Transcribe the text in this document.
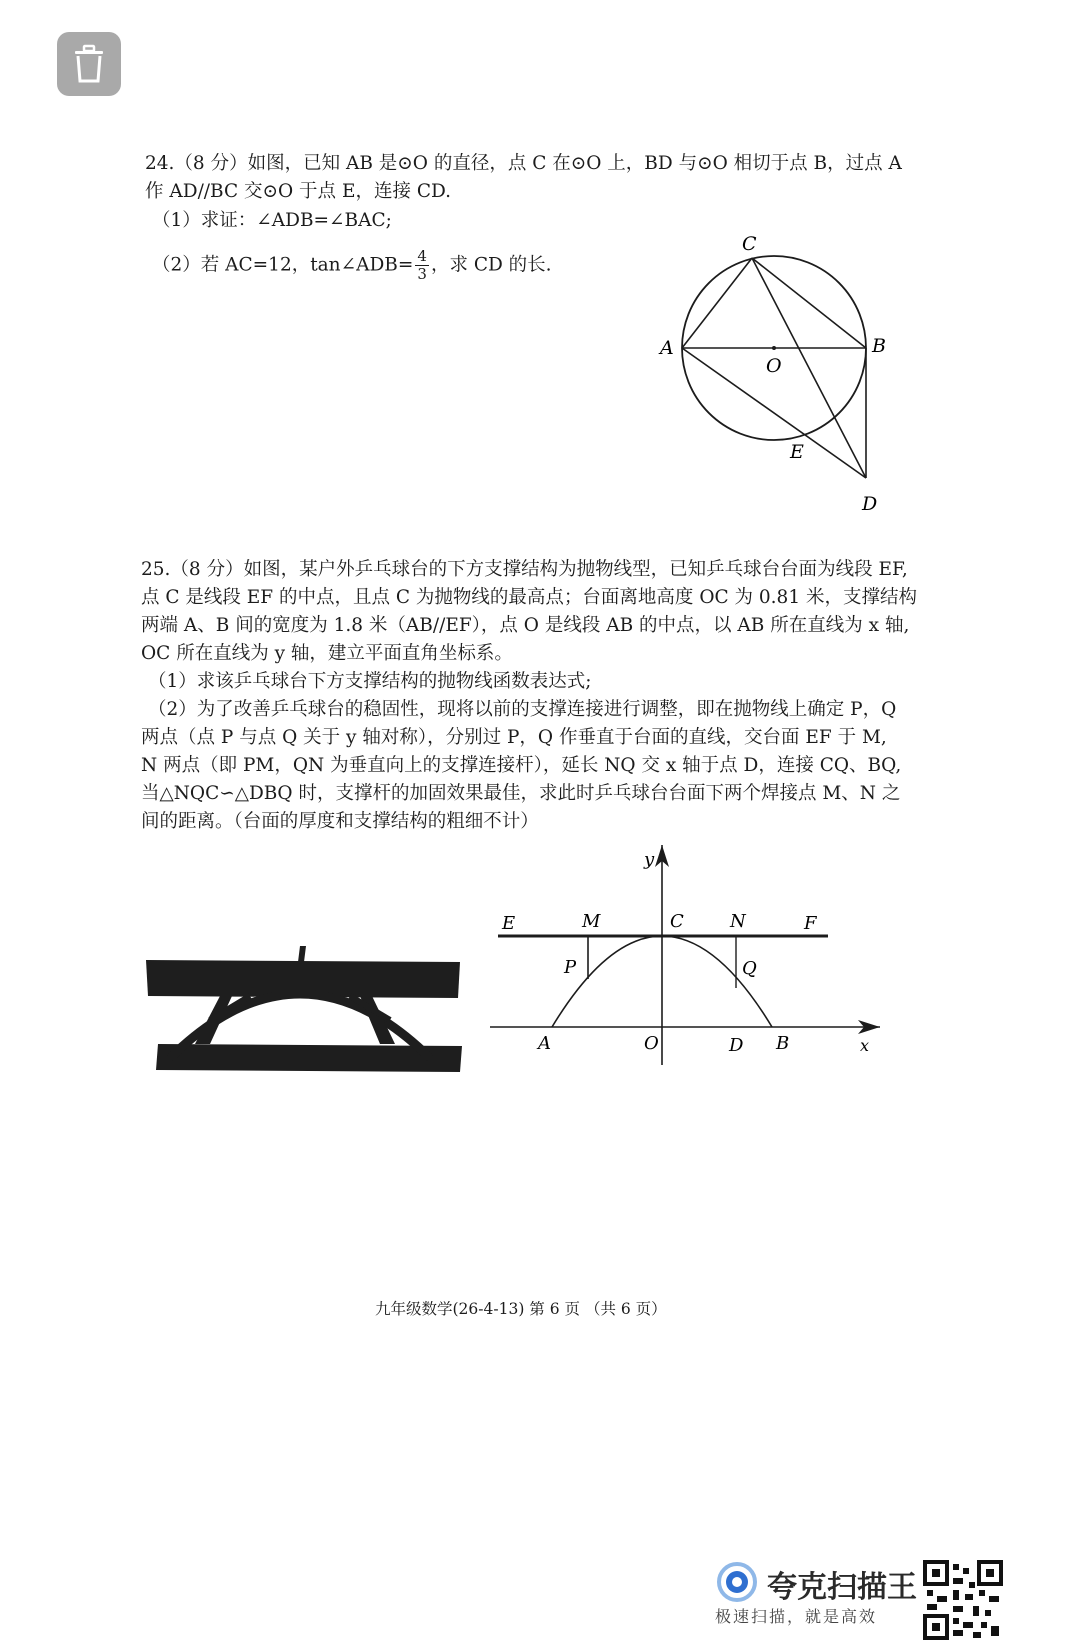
24.（8 分）如图，已知 AB 是⊙O 的直径，点 C 在⊙O 上，BD 与⊙O 相切于点 B，过点 A
作 AD//BC 交⊙O 于点 E，连接 CD.
（1）求证：∠ADB=∠BAC;
（2）若 AC=12，tan∠ADB= $\frac{4}{3}$ ，求 CD 的长.
C
A
O
B
E
D
25.（8 分）如图，某户外乒乓球台的下方支撑结构为抛物线型，已知乒乓球台台面为线段 EF,
点 C 是线段 EF 的中点，且点 C 为抛物线的最高点；台面离地高度 OC 为 0.81 米，支撑结构
两端 A、B 间的宽度为 1.8 米（AB//EF），点 O 是线段 AB 的中点，以 AB 所在直线为 x 轴,
OC 所在直线为 y 轴，建立平面直角坐标系。
（1）求该乒乓球台下方支撑结构的抛物线函数表达式;
（2）为了改善乒乓球台的稳固性，现将以前的支撑连接进行调整，即在抛物线上确定 P，Q
两点（点 P 与点 Q 关于 y 轴对称），分别过 P，Q 作垂直于台面的直线，交台面 EF 于 M,
N 两点（即 PM，QN 为垂直向上的支撑连接杆），延长 NQ 交 x 轴于点 D，连接 CQ、BQ,
当△NQC∽△DBQ 时，支撑杆的加固效果最佳，求此时乒乓球台台面下两个焊接点 M、N 之
间的距离。（台面的厚度和支撑结构的粗细不计）
E	M	C	N	F
P	Q
A	O	D B	x
y
九年级数学(26-4-13) 第 6 页 （共 6 页）
夸克扫描王
极速扫描，就是高效
